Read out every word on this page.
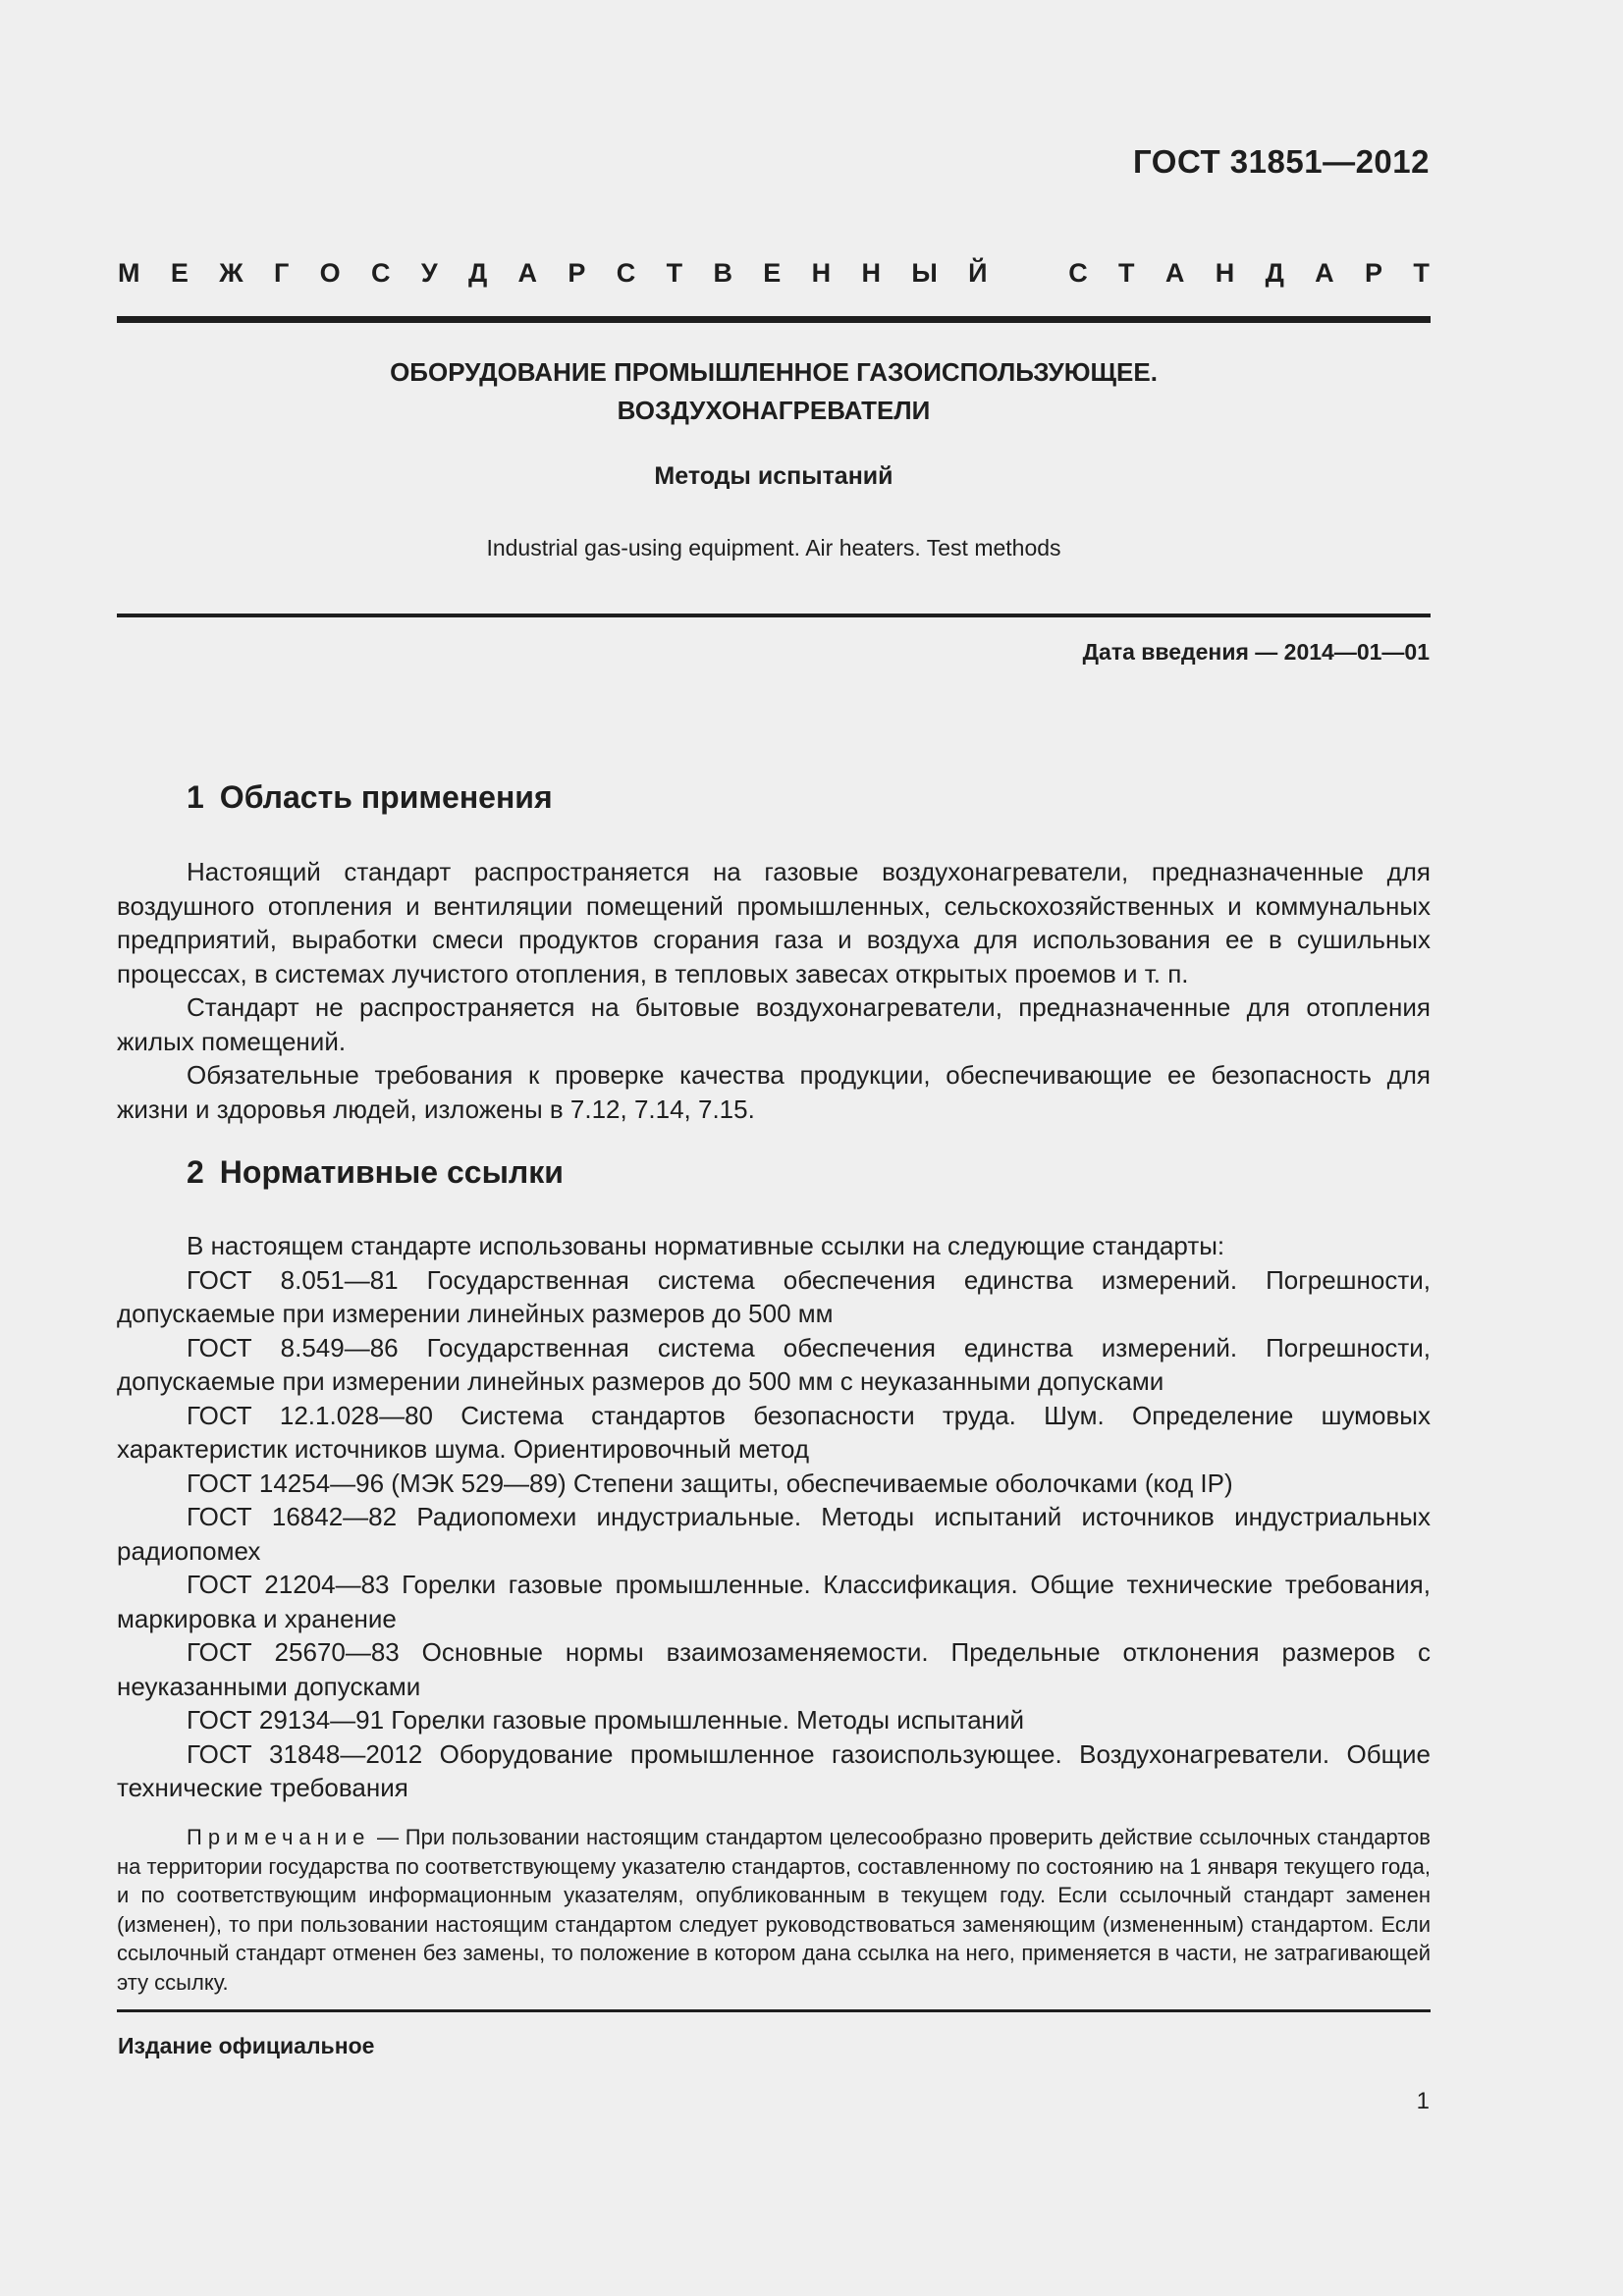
ГОСТ 31851—2012
М Е Ж Г О С У Д А Р С Т В Е Н Н Ы Й	С Т А Н Д А Р Т
ОБОРУДОВАНИЕ ПРОМЫШЛЕННОЕ ГАЗОИСПОЛЬЗУЮЩЕЕ.
ВОЗДУХОНАГРЕВАТЕЛИ
Методы испытаний
Industrial gas-using equipment. Air heaters. Test methods
Дата введения — 2014—01—01
1 Область применения

Настоящий стандарт распространяется на газовые воздухонагреватели, предназначенные для воздушного отопления и вентиляции помещений промышленных, сельскохозяйственных и коммунальных предприятий, выработки смеси продуктов сгорания газа и воздуха для использования ее в сушильных процессах, в системах лучистого отопления, в тепловых завесах открытых проемов и т. п.

Стандарт не распространяется на бытовые воздухонагреватели, предназначенные для отопления жилых помещений.

Обязательные требования к проверке качества продукции, обеспечивающие ее безопасность для жизни и здоровья людей, изложены в 7.12, 7.14, 7.15.

2 Нормативные ссылки

В настоящем стандарте использованы нормативные ссылки на следующие стандарты:

ГОСТ 8.051—81 Государственная система обеспечения единства измерений. Погрешности, допускаемые при измерении линейных размеров до 500 мм

ГОСТ 8.549—86 Государственная система обеспечения единства измерений. Погрешности, допускаемые при измерении линейных размеров до 500 мм с неуказанными допусками

ГОСТ 12.1.028—80 Система стандартов безопасности труда. Шум. Определение шумовых характеристик источников шума. Ориентировочный метод

ГОСТ 14254—96 (МЭК 529—89) Степени защиты, обеспечиваемые оболочками (код IP)

ГОСТ 16842—82 Радиопомехи индустриальные. Методы испытаний источников индустриальных радиопомех

ГОСТ 21204—83 Горелки газовые промышленные. Классификация. Общие технические требования, маркировка и хранение

ГОСТ 25670—83 Основные нормы взаимозаменяемости. Предельные отклонения размеров с неуказанными допусками

ГОСТ 29134—91 Горелки газовые промышленные. Методы испытаний

ГОСТ 31848—2012 Оборудование промышленное газоиспользующее. Воздухонагреватели. Общие технические требования

Примечание — При пользовании настоящим стандартом целесообразно проверить действие ссылочных стандартов на территории государства по соответствующему указателю стандартов, составленному по состоянию на 1 января текущего года, и по соответствующим информационным указателям, опубликованным в текущем году. Если ссылочный стандарт заменен (изменен), то при пользовании настоящим стандартом следует руководствоваться заменяющим (измененным) стандартом. Если ссылочный стандарт отменен без замены, то положение в котором дана ссылка на него, применяется в части, не затрагивающей эту ссылку.

Издание официальное
1
